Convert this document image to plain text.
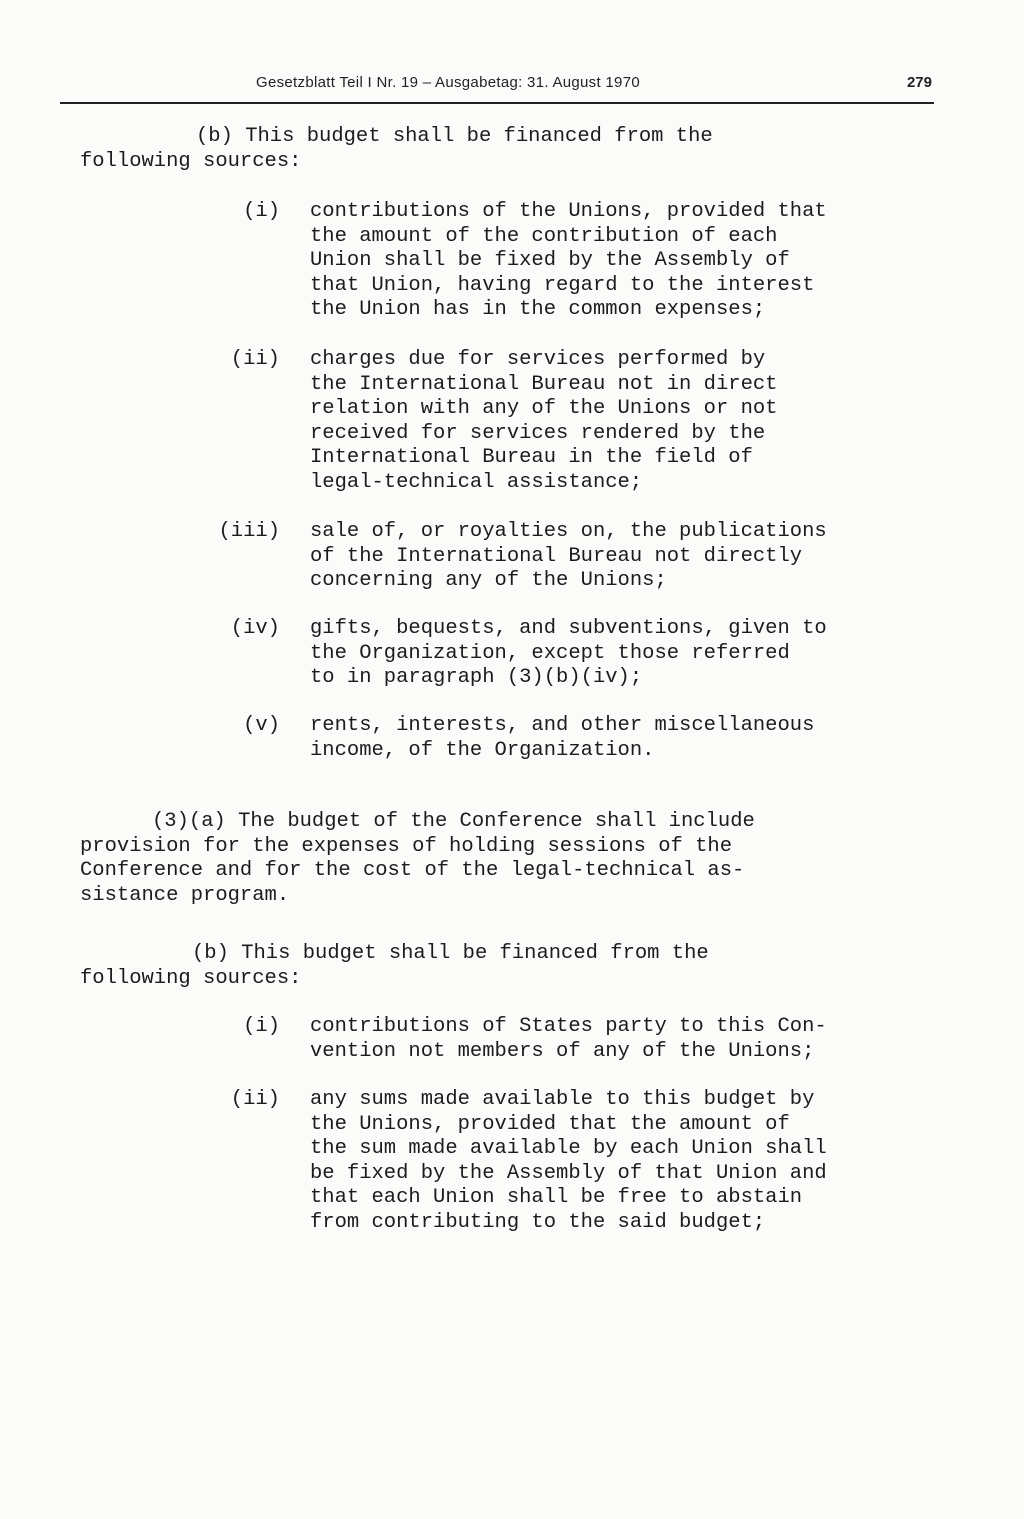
Gesetzblatt Teil I Nr. 19 – Ausgabetag: 31. August 1970	279
(b) This budget shall be financed from the
following sources:
(i) contributions of the Unions, provided that
the amount of the contribution of each
Union shall be fixed by the Assembly of
that Union, having regard to the interest
the Union has in the common expenses;
(ii) charges due for services performed by
the International Bureau not in direct
relation with any of the Unions or not
received for services rendered by the
International Bureau in the field of
legal-technical assistance;
(iii) sale of, or royalties on, the publications
of the International Bureau not directly
concerning any of the Unions;
(iv) gifts, bequests, and subventions, given to
the Organization, except those referred
to in paragraph (3)(b)(iv);
(v) rents, interests, and other miscellaneous
income, of the Organization.
(3)(a) The budget of the Conference shall include
provision for the expenses of holding sessions of the
Conference and for the cost of the legal-technical as-
sistance program.
(b) This budget shall be financed from the
following sources:
(i) contributions of States party to this Con-
vention not members of any of the Unions;
(ii) any sums made available to this budget by
the Unions, provided that the amount of
the sum made available by each Union shall
be fixed by the Assembly of that Union and
that each Union shall be free to abstain
from contributing to the said budget;
